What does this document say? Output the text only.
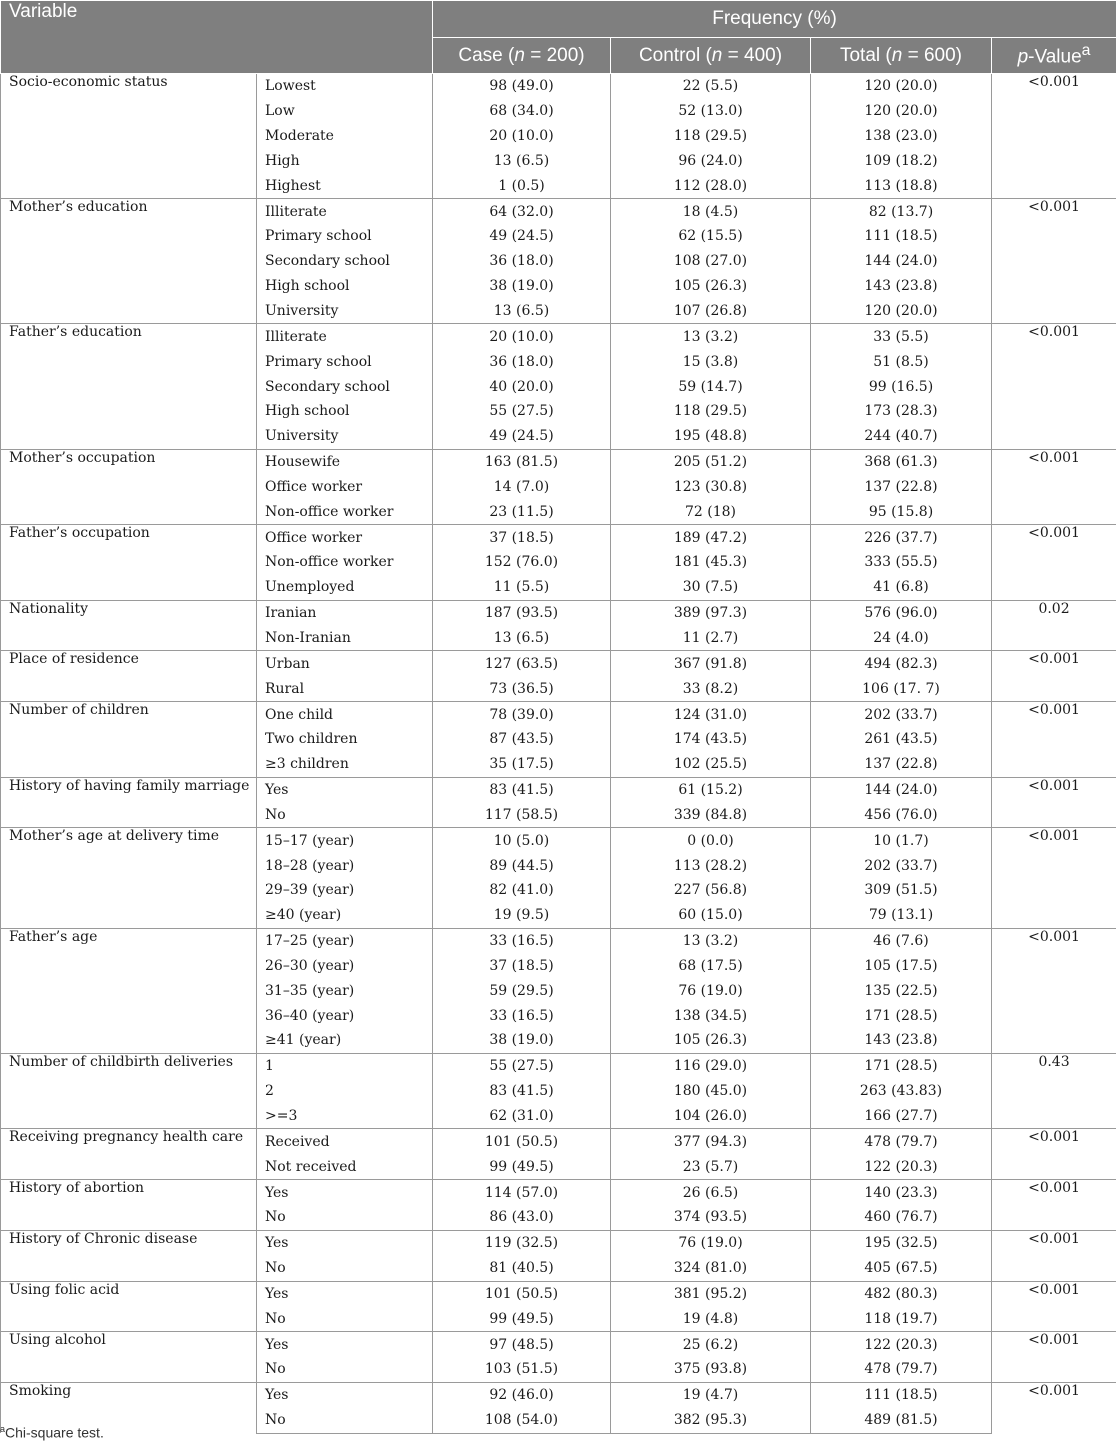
Variable		Frequency (%)			
		Case (n = 200)	Control (n = 400)	Total (n = 600)	p-Value$^a$
Socio-economic status	Lowest	98 (49.0)	22 (5.5)	120 (20.0)	<0.001
	Low	68 (34.0)	52 (13.0)	120 (20.0)	
	Moderate	20 (10.0)	118 (29.5)	138 (23.0)	
	High	13 (6.5)	96 (24.0)	109 (18.2)	
	Highest	1 (0.5)	112 (28.0)	113 (18.8)	
Mother’s education	Illiterate	64 (32.0)	18 (4.5)	82 (13.7)	<0.001
	Primary school	49 (24.5)	62 (15.5)	111 (18.5)	
	Secondary school	36 (18.0)	108 (27.0)	144 (24.0)	
	High school	38 (19.0)	105 (26.3)	143 (23.8)	
	University	13 (6.5)	107 (26.8)	120 (20.0)	
Father’s education	Illiterate	20 (10.0)	13 (3.2)	33 (5.5)	<0.001
	Primary school	36 (18.0)	15 (3.8)	51 (8.5)	
	Secondary school	40 (20.0)	59 (14.7)	99 (16.5)	
	High school	55 (27.5)	118 (29.5)	173 (28.3)	
	University	49 (24.5)	195 (48.8)	244 (40.7)	
Mother’s occupation	Housewife	163 (81.5)	205 (51.2)	368 (61.3)	<0.001
	Office worker	14 (7.0)	123 (30.8)	137 (22.8)	
	Non-office worker	23 (11.5)	72 (18)	95 (15.8)	
Father’s occupation	Office worker	37 (18.5)	189 (47.2)	226 (37.7)	<0.001
	Non-office worker	152 (76.0)	181 (45.3)	333 (55.5)	
	Unemployed	11 (5.5)	30 (7.5)	41 (6.8)	
Nationality	Iranian	187 (93.5)	389 (97.3)	576 (96.0)	0.02
	Non-Iranian	13 (6.5)	11 (2.7)	24 (4.0)	
Place of residence	Urban	127 (63.5)	367 (91.8)	494 (82.3)	<0.001
	Rural	73 (36.5)	33 (8.2)	106 (17. 7)	
Number of children	One child	78 (39.0)	124 (31.0)	202 (33.7)	<0.001
	Two children	87 (43.5)	174 (43.5)	261 (43.5)	
	≥3 children	35 (17.5)	102 (25.5)	137 (22.8)	
History of having family marriage	Yes	83 (41.5)	61 (15.2)	144 (24.0)	<0.001
	No	117 (58.5)	339 (84.8)	456 (76.0)	
Mother’s age at delivery time	15–17 (year)	10 (5.0)	0 (0.0)	10 (1.7)	<0.001
	18–28 (year)	89 (44.5)	113 (28.2)	202 (33.7)	
	29–39 (year)	82 (41.0)	227 (56.8)	309 (51.5)	
	≥40 (year)	19 (9.5)	60 (15.0)	79 (13.1)	
Father’s age	17–25 (year)	33 (16.5)	13 (3.2)	46 (7.6)	<0.001
	26–30 (year)	37 (18.5)	68 (17.5)	105 (17.5)	
	31–35 (year)	59 (29.5)	76 (19.0)	135 (22.5)	
	36–40 (year)	33 (16.5)	138 (34.5)	171 (28.5)	
	≥41 (year)	38 (19.0)	105 (26.3)	143 (23.8)	
Number of childbirth deliveries	1	55 (27.5)	116 (29.0)	171 (28.5)	0.43
	2	83 (41.5)	180 (45.0)	263 (43.83)	
	>=3	62 (31.0)	104 (26.0)	166 (27.7)	
Receiving pregnancy health care	Received	101 (50.5)	377 (94.3)	478 (79.7)	<0.001
	Not received	99 (49.5)	23 (5.7)	122 (20.3)	
History of abortion	Yes	114 (57.0)	26 (6.5)	140 (23.3)	<0.001
	No	86 (43.0)	374 (93.5)	460 (76.7)	
History of Chronic disease	Yes	119 (32.5)	76 (19.0)	195 (32.5)	<0.001
	No	81 (40.5)	324 (81.0)	405 (67.5)	
Using folic acid	Yes	101 (50.5)	381 (95.2)	482 (80.3)	<0.001
	No	99 (49.5)	19 (4.8)	118 (19.7)	
Using alcohol	Yes	97 (48.5)	25 (6.2)	122 (20.3)	<0.001
	No	103 (51.5)	375 (93.8)	478 (79.7)	
Smoking	Yes	92 (46.0)	19 (4.7)	111 (18.5)	<0.001
	No	108 (54.0)	382 (95.3)	489 (81.5)	
$^a$Chi-square test.
